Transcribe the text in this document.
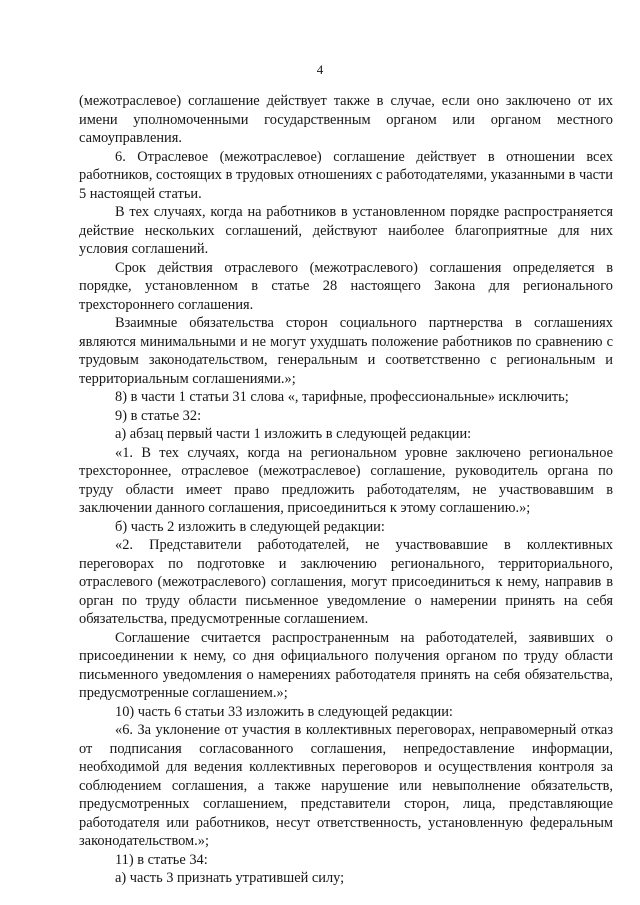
4

(межотраслевое) соглашение действует также в случае, если оно заключено от их имени уполномоченными государственным органом или органом местного самоуправления.

6. Отраслевое (межотраслевое) соглашение действует в отношении всех работников, состоящих в трудовых отношениях с работодателями, указанными в части 5 настоящей статьи.

В тех случаях, когда на работников в установленном порядке распространяется действие нескольких соглашений, действуют наиболее благоприятные для них условия соглашений.

Срок действия отраслевого (межотраслевого) соглашения определяется в порядке, установленном в статье 28 настоящего Закона для регионального трехстороннего соглашения.

Взаимные обязательства сторон социального партнерства в соглашениях являются минимальными и не могут ухудшать положение работников по сравнению с трудовым законодательством, генеральным и соответственно с региональным и территориальным соглашениями.»;

8) в части 1 статьи 31 слова «, тарифные, профессиональные» исключить;

9) в статье 32:

а) абзац первый части 1 изложить в следующей редакции:

«1. В тех случаях, когда на региональном уровне заключено региональное трехстороннее, отраслевое (межотраслевое) соглашение, руководитель органа по труду области имеет право предложить работодателям, не участвовавшим в заключении данного соглашения, присоединиться к этому соглашению.»;

б) часть 2 изложить в следующей редакции:

«2. Представители работодателей, не участвовавшие в коллективных переговорах по подготовке и заключению регионального, территориального, отраслевого (межотраслевого) соглашения, могут присоединиться к нему, направив в орган по труду области письменное уведомление о намерении принять на себя обязательства, предусмотренные соглашением.

Соглашение считается распространенным на работодателей, заявивших о присоединении к нему, со дня официального получения органом по труду области письменного уведомления о намерениях работодателя принять на себя обязательства, предусмотренные соглашением.»;

10) часть 6 статьи 33 изложить в следующей редакции:

«6. За уклонение от участия в коллективных переговорах, неправомерный отказ от подписания согласованного соглашения, непредоставление информации, необходимой для ведения коллективных переговоров и осуществления контроля за соблюдением соглашения, а также нарушение или невыполнение обязательств, предусмотренных соглашением, представители сторон, лица, представляющие работодателя или работников, несут ответственность, установленную федеральным законодательством.»;

11) в статье 34:

а) часть 3 признать утратившей силу;
